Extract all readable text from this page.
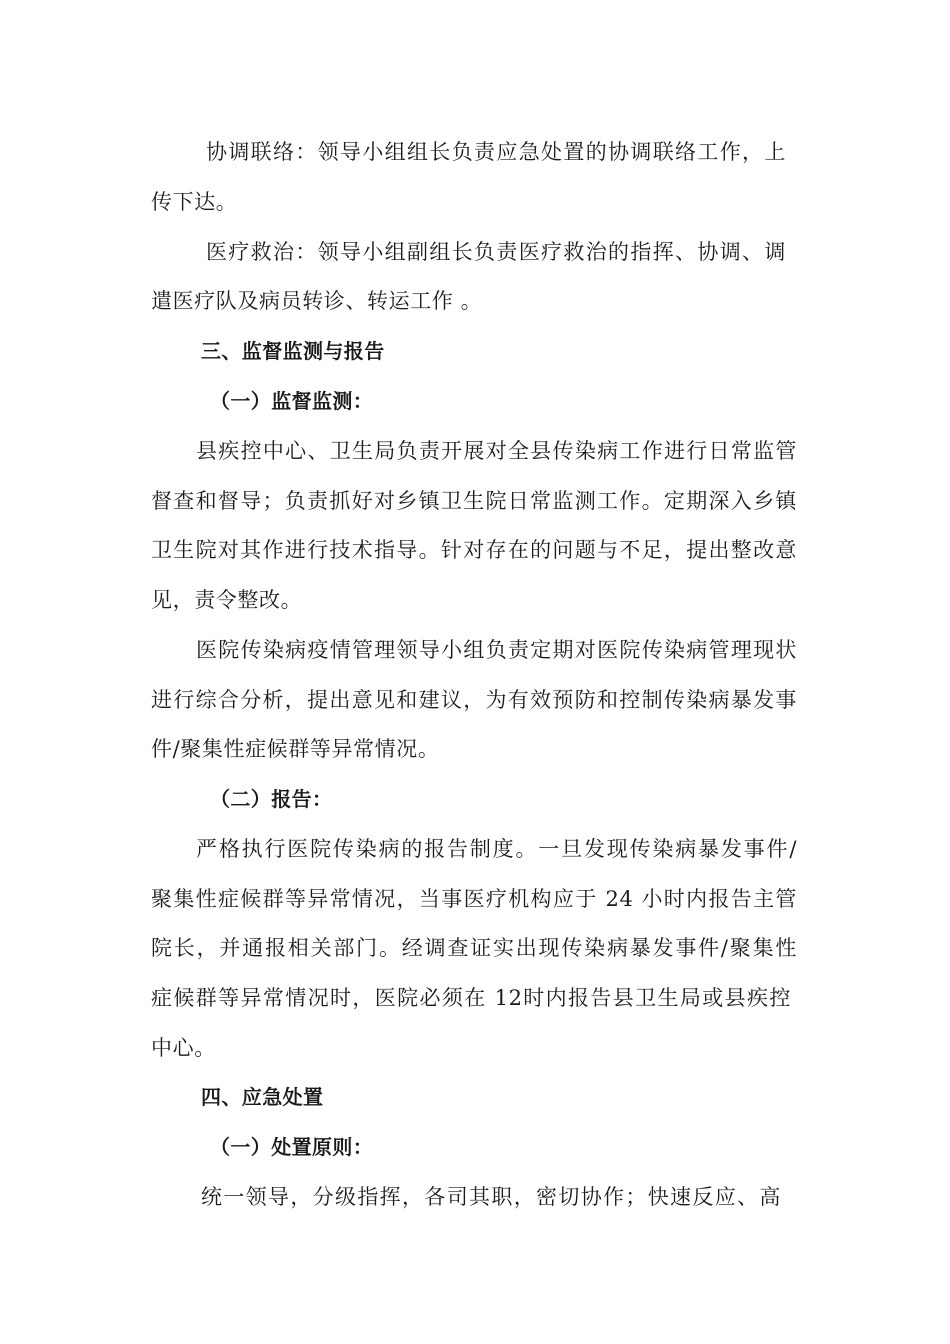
协调联络：领导小组组长负责应急处置的协调联络工作，上
传下达。
医疗救治：领导小组副组长负责医疗救治的指挥、协调、调
遣医疗队及病员转诊、转运工作 。
三、监督监测与报告
（一）监督监测：
县疾控中心、卫生局负责开展对全县传染病工作进行日常监管
督查和督导；负责抓好对乡镇卫生院日常监测工作。定期深入乡镇
卫生院对其作进行技术指导。针对存在的问题与不足，提出整改意
见，责令整改。
医院传染病疫情管理领导小组负责定期对医院传染病管理现状
进行综合分析，提出意见和建议，为有效预防和控制传染病暴发事
件/聚集性症候群等异常情况。
（二）报告：
严格执行医院传染病的报告制度。一旦发现传染病暴发事件/
聚集性症候群等异常情况，当事医疗机构应于 24 小时内报告主管
院长，并通报相关部门。经调查证实出现传染病暴发事件/聚集性
症候群等异常情况时，医院必须在 12时内报告县卫生局或县疾控
中心。
四、应急处置
（一）处置原则：
统一领导，分级指挥，各司其职，密切协作；快速反应、高
